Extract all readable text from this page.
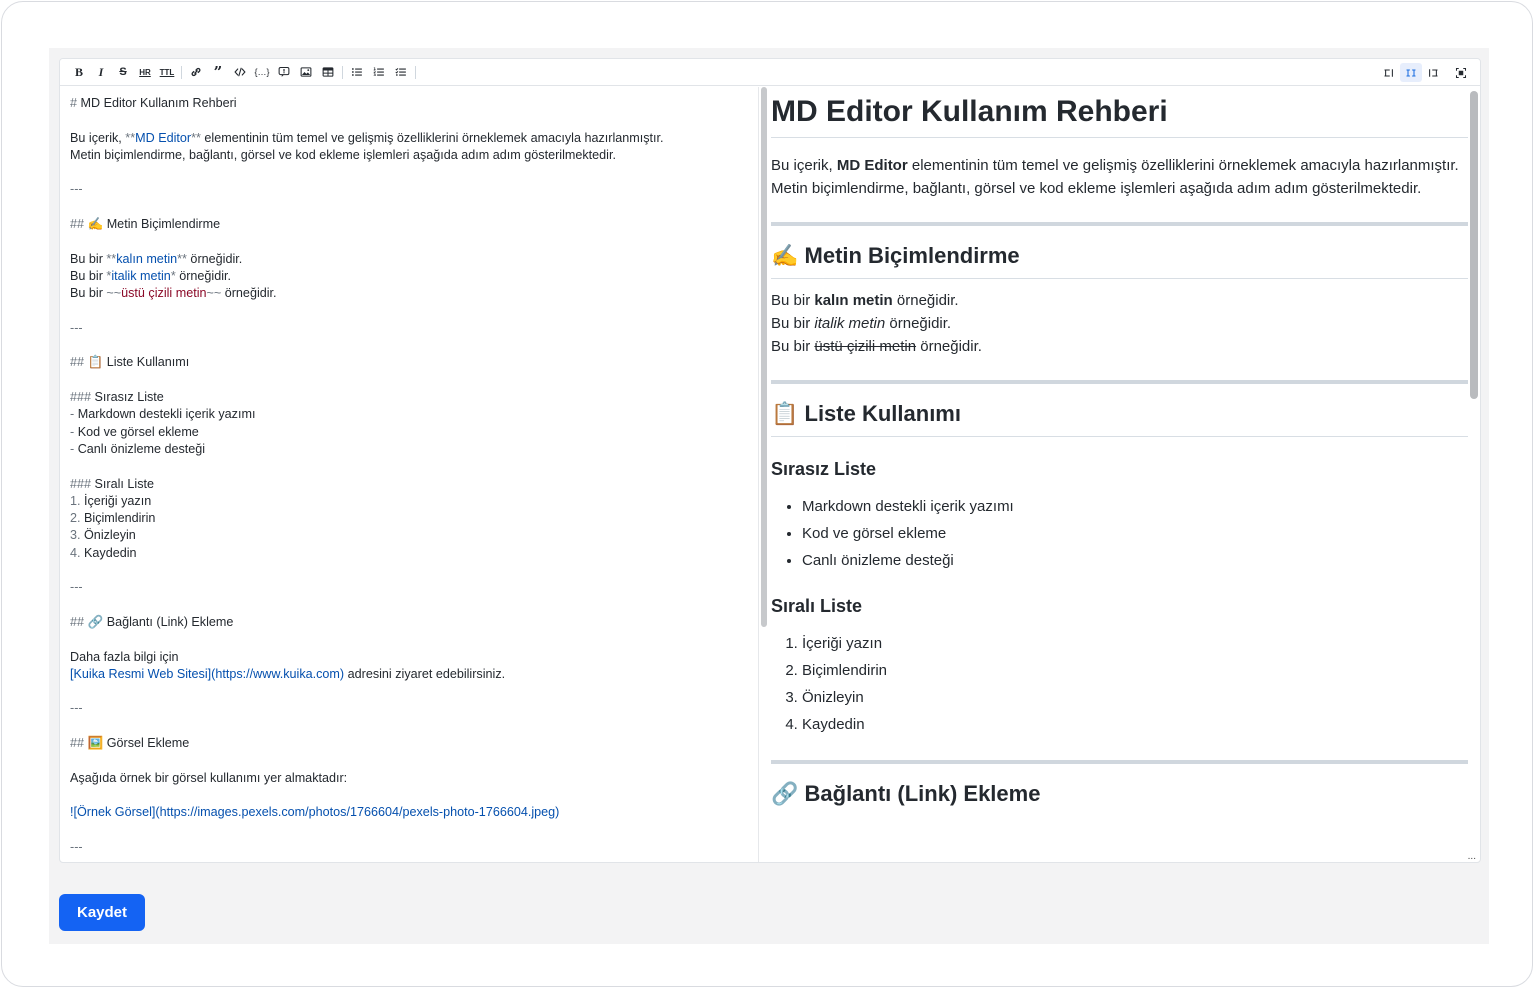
B	I	S	HR	TTL	”	{…}	1
2
3
# MD Editor Kullanım Rehberi
Bu içerik, **MD Editor** elementinin tüm temel ve gelişmiş özelliklerini örneklemek amacıyla hazırlanmıştır.
Metin biçimlendirme, bağlantı, görsel ve kod ekleme işlemleri aşağıda adım adım gösterilmektedir.
---
## ✍️ Metin Biçimlendirme
Bu bir **kalın metin** örneğidir.
Bu bir *italik metin* örneğidir.
Bu bir ~~üstü çizili metin~~ örneğidir.
---
## 📋 Liste Kullanımı
### Sırasız Liste
- Markdown destekli içerik yazımı
- Kod ve görsel ekleme
- Canlı önizleme desteği
### Sıralı Liste
1. İçeriği yazın
2. Biçimlendirin
3. Önizleyin
4. Kaydedin
---
## 🔗 Bağlantı (Link) Ekleme
Daha fazla bilgi için
[Kuika Resmi Web Sitesi](https://www.kuika.com) adresini ziyaret edebilirsiniz.
---
## 🖼️ Görsel Ekleme
Aşağıda örnek bir görsel kullanımı yer almaktadır:
![Örnek Görsel](https://images.pexels.com/photos/1766604/pexels-photo-1766604.jpeg)
---
MD Editor Kullanım Rehberi

Bu içerik, MD Editor elementinin tüm temel ve gelişmiş özelliklerini örneklemek amacıyla hazırlanmıştır.
Metin biçimlendirme, bağlantı, görsel ve kod ekleme işlemleri aşağıda adım adım gösterilmektedir.

✍️ Metin Biçimlendirme
Bu bir kalın metin örneğidir.
Bu bir italik metin örneğidir.
Bu bir üstü çizili metin örneğidir.
📋 Liste Kullanımı
Sırasız Liste
• Markdown destekli içerik yazımı
• Kod ve görsel ekleme
• Canlı önizleme desteği
Sıralı Liste
1. İçeriği yazın
2. Biçimlendirin
3. Önizleyin
4. Kaydedin
🔗 Bağlantı (Link) Ekleme
...
Kaydet
